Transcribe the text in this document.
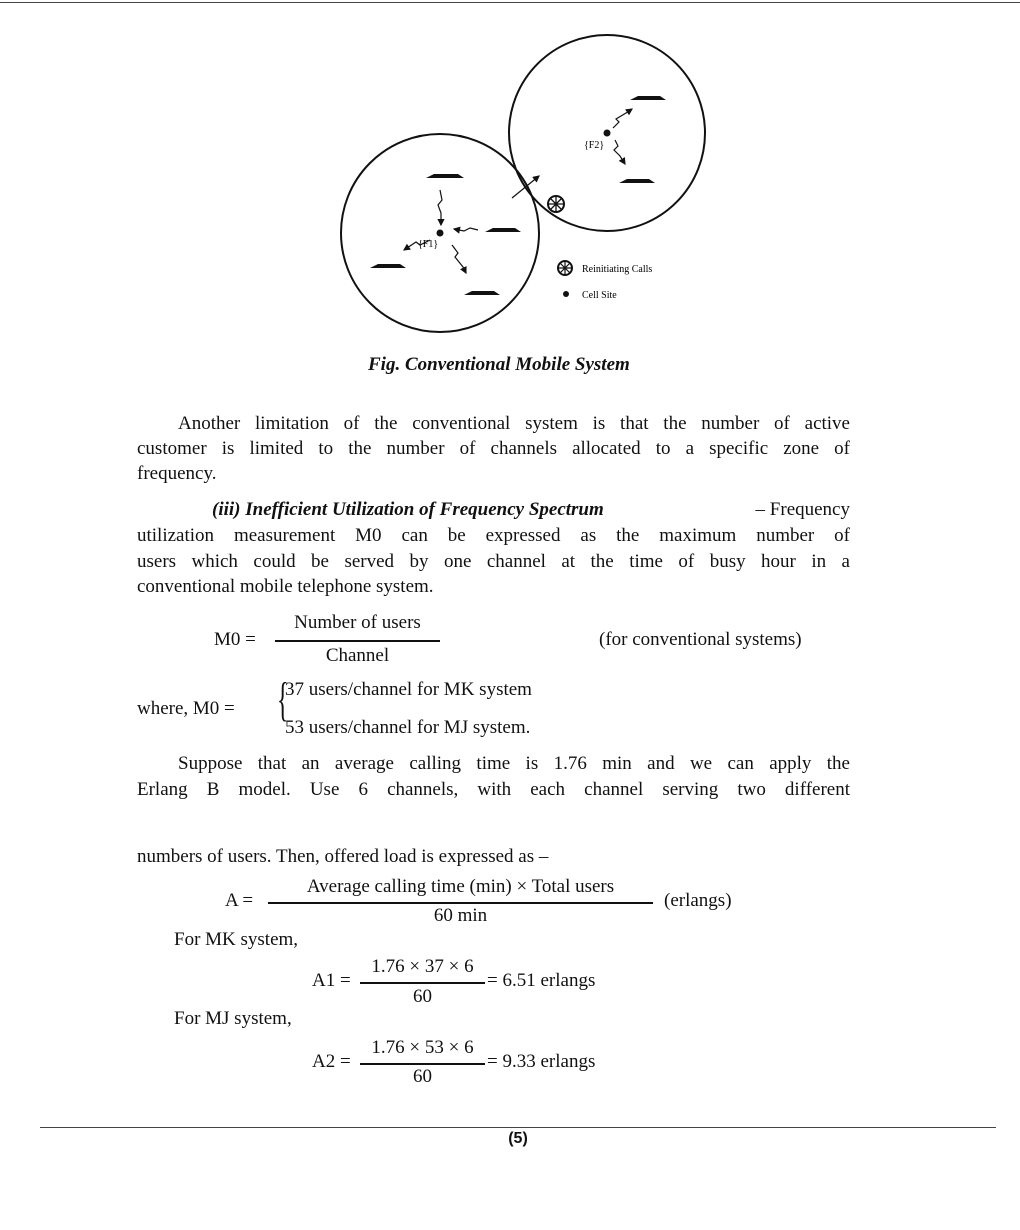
{F1}
{F2}
Reinitiating Calls
Cell Site
Fig. Conventional Mobile System
Another limitation of the conventional system is that the number of active
customer is limited to the number of channels allocated to a specific zone of
frequency.
(iii) Inefficient Utilization of Frequency Spectrum	– Frequency
utilization measurement M0 can be expressed as the maximum number of
users which could be served by one channel at the time of busy hour in a
conventional mobile telephone system.
M0 =
Number of users
Channel
(for conventional systems)
where, M0 = {
37 users/channel for MK system
53 users/channel for MJ system.
Suppose that an average calling time is 1.76 min and we can apply the
Erlang B model. Use 6 channels, with each channel serving two different
numbers of users. Then, offered load is expressed as –
A =
Average calling time (min) × Total users
60 min
(erlangs)
For MK system,
A1 =
1.76 × 37 × 6
60
= 6.51 erlangs
For MJ system,
A2 =
1.76 × 53 × 6
60
= 9.33 erlangs
(5)
